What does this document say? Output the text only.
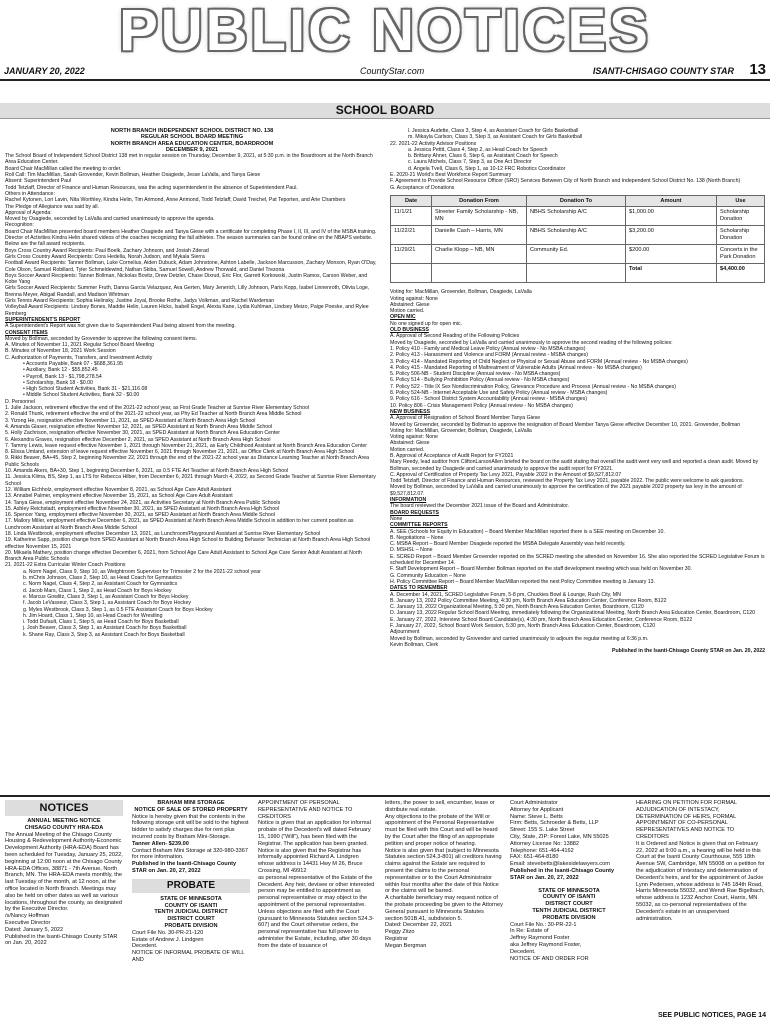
PUBLIC NOTICES
JANUARY 20, 2022	CountyStar.com	ISANTI-CHISAGO COUNTY STAR 13
SCHOOL BOARD

NORTH BRANCH INDEPENDENT SCHOOL DISTRICT NO. 138

REGULAR SCHOOL BOARD MEETING

NORTH BRANCH AREA EDUCATION CENTER, BOARDROOM

DECEMBER 9, 2021

The School Board of Independent School District 138 met in regular session on Thursday, December 9, 2021, at 5:30 p.m. in the Boardroom at the North Branch Area Education Center.

Board Chair MacMillan called the meeting to order.

Roll Call: Tim MacMillan, Sarah Grovender, Kevin Bollman, Heather Osagiede, Jesse LaValla, and Tanya Giese

Absent: Superintendent Paul

Todd Tetzlaff, Director of Finance and Human Resources, was the acting superintendent in the absence of Superintendent Paul.

Others in Attendance:

Rachel Kytonen, Lori Lavin, Nita Worthley, Kindra Helin, Tim Arimond, Anne Arimond, Todd Tetzlaff, David Treichel, Pat Teporten, and Arie Chambers

The Pledge of Allegiance was said by all.

Approval of Agenda:

Moved by Osagiede, seconded by LaValla and carried unanimously to approve the agenda.

Recognition:

Board Chair MacMillan presented board members Heather Osagiede and Tanya Giese with a certificate for completing Phase I, II, III, and IV of the MSBA training.

Director of Activities Kindra Helin shared videos of the coaches recognizing the fall athletes. The season summaries can be found online on the NBAPS website. Below are the fall award recipients.

Boys Cross Country Award Recipients: Paul Boelk, Zachary Johnson, and Josiah Zderad

Girls Cross Country Award Recipients: Cora Hedella, Norah Judson, and Mykala Sierra

Football Award Recipients: Tanner Bollman, Luke Cornelius, Aiden Dubuck, Adam Johnstone, Ashton Labelle, Jackson Marcusson, Zachary Monson, Ryan O'Day, Cole Olson, Samuel Robillard, Tyler Schmeldewind, Nathan Skiba, Samuel Sowell, Andrew Thorwald, and Daniel Trezona

Boys Soccer Award Recipients: Tanner Bollman, Nickolas Bovitz, Drew Detzler, Chase Dixrud, Eric Flor, Garrett Korkowski, Justin Ramos, Carson Weber, and Kobe Yang

Girls Soccer Award Recipients: Summer Fruth, Danna Garcia Velazquez, Ava Gerten, Mary Jenerich, Lilly Johnson, Paris Kopp, Isabel Linnenroth, Olivia Loge, Brenna Meyer, Abigail Randall, and Madison Whitman

Girls Tennis Award Recipients: Sophia Helinsky, Justine Joyal, Brooke Rothe, Jadys Volkman, and Rachel Wardeman

Volleyball Award Recipients: Lindsey Bones, Maddie Helin, Lauren Hicks, Isabell Engel, Alexia Kane, Lydia Kuhlman, Lindsey Meizo, Paige Poeske, and Rylee Remberg

SUPERINTENDENT'S REPORT

A Superintendent's Report was not given due to Superintendent Paul being absent from the meeting.

CONSENT ITEMS

Moved by Bollman, seconded by Grovender to approve the following consent items.

A. Minutes of November 11, 2021 Regular School Board Meeting

B. Minutes of November 18, 2021 Work Session

C. Authorization of Payments, Transfers, and Investment Activity

• Accounts Payable, Bank 07 - $688,361.95

• Auxiliary, Bank 12 - $55,852.45

• Payroll, Bank 13 - $1,798,278.54

• Scholarship, Bank 18 - $0.00

• High School Student Activities, Bank 31 - $21,116.08

• Middle School Student Activities, Bank 32 - $0.00

D. Personnel

1. Julie Jackson, retirement effective the end of the 2021-22 school year, as First Grade Teacher at Sunrise River Elementary School

2. Ronald Thunk, retirement effective the end of the 2021-22 school year, as Phy Ed Teacher at North Branch Area Middle School

3. Yizong He, resignation effective November 11, 2021, as SPED Assistant at North Branch Area High School

4. Amanda Glaser, resignation effective November 12, 2021, as SPED Assistant at North Branch Area Middle School

5. Holly Zachrison, resignation effective November 30, 2021, as SPED Assistant at North Branch Area Education Center

6. Alexandra Graves, resignation effective December 2, 2021, as SPED Assistant at North Branch Area High School

7. Tammy Lewis, leave request effective November 1, 2021 through November 21, 2021, as Early Childhood Assistant at North Branch Area Education Center

8. Elissa Umland, extension of leave request effective November 6, 2021 through November 21, 2021, as Office Clerk at North Branch Area High School

9. Rikki Beaver, BA+45, Step 2, beginning November 22, 2021 through the end of the 2021-22 school year as Distance Learning Teacher at North Branch Area Public Schools

10. Amanda Akers, BA+30, Step 1, beginning December 6, 2021, as 0.5 FTE Art Teacher at North Branch Area High School

11. Jessica Klima, BS, Step 1, as LTS for Rebecca Hilber, from December 6, 2021 through March 4, 2022, as Second Grade Teacher at Sunrise River Elementary School

12. William Eichholz, employment effective November 8, 2021, as School Age Care Adult Assistant

13. Annabel Palmer, employment effective November 15, 2021, as School Age Care Adult Assistant

14. Tanya Giese, employment effective November 24, 2021, as Activities Secretary at North Branch Area Public Schools

15. Ashley Reichstadt, employment effective November 30, 2021, as SPED Assistant at North Branch Area High School

16. Spencer Yang, employment effective November 30, 2021, as SPED Assistant at North Branch Area Middle School

17. Mallory Miller, employment effective December 6, 2021, as SPED Assistant at North Branch Area Middle School in addition to her current position as Lunchroom Assistant at North Branch Area Middle School

18. Linda Westbrook, employment effective December 13, 2021, as Lunchroom/Playground Assistant at Sunrise River Elementary School

19. Katherine Sapp, position change from SPED Assistant at North Branch Area High School to Building Behavior Technician at North Branch Area High School effective November 15, 2021

20. Mikaela Mathery, position change effective December 6, 2021, from School Age Care Adult Assistant to School Age Care Senior Adult Assistant at North Branch Area Public Schools

21. 2021-22 Extra Curricular Winter Coach Positions

a. Norm Nagel, Class 9, Step 10, as Weightroom Supervisor for Trimester 2 for the 2021-22 school year

b. mChris Johnson, Class 2, Step 10, as Head Coach for Gymnastics

c. Norm Nagel, Class 4, Step 2, as Assistant Coach for Gymnastics

d. Jacob Mars, Class 1, Step 2, as Head Coach for Boys Hockey

e. Marcus Gowlitz, Class 3, Step 1, as Assistant Coach for Boys Hockey

f. Jacob LeVasseur, Class 3, Step 1, as Assistant Coach for Boys Hockey

g. Myles Westbrook, Class 3, Step 1, as 0.5 FTE Assistant Coach for Boys Hockey

h. Jim Hoard, Class 1, Step 10, as Head Coach for Wrestling

i. Todd Dufault, Class 1, Step 5, as Head Coach for Boys Basketball

j. Josh Beaver, Class 3, Step 1, as Assistant Coach for Boys Basketball

k. Shane Ray, Class 3, Step 3, as Assistant Coach for Boys Basketball

l. Jessica Audette, Class 3, Step 4, as Assistant Coach for Girls Basketball

m. Mikayla Carlson, Class 3, Step 3, as Assistant Coach for Girls Basketball

22. 2021-22 Activity Advisor Positions

a. Jessica Pettit, Class 4, Step 2, as Head Coach for Speech

b. Brittany Ahner, Class 6, Step 6, as Assistant Coach for Speech

c. Laura Michels, Class 7, Step 3, as One Act Director

d. Angela Tvell, Class 6, Step 1, as 10-12 FRC Robotics Coordinator

E. 2020-21 World's Best Workforce Report Summary

F. Agreement to Provide School Resource Officer (SRO) Services Between City of North Branch and Independent School District No. 138 (North Branch)

G. Acceptance of Donations

Date	Donation From	Donation To	Amount	Use
11/1/21	Streeter Family Scholarship - NB, MN	NBHS Scholarship A/C	$1,000.00	Scholarship Donation
11/22/21	Danielle Cash – Harris, MN	NBHS Scholarship A/C	$3,200.00	Scholarship Donation
11/29/21	Charlie Klopp – NB, MN	Community Ed.	$200.00	Concerts in the Park Donation
			Total	$4,400.00

Voting for: MacMillan, Grovender, Bollman, Osagiede, LaValla

Voting against: None

Abstained: Giese

Motion carried.

OPEN MIC

No one signed up for open mic.

OLD BUSINESS

A. Approval of Second Reading of the Following Policies

Moved by Osagiede, seconded by LaValla and carried unanimously to approve the second reading of the following policies:

1. Policy 410 - Family and Medical Leave Policy (Annual review - No MSBA changes)

2. Policy 413 - Harassment and Violence and FORM (Annual review - MSBA changes)

3. Policy 414 - Mandated Reporting of Child Neglect or Physical or Sexual Abuse and FORM (Annual review - No MSBA changes)

4. Policy 415 - Mandated Reporting of Maltreatment of Vulnerable Adults (Annual review - No MSBA changes)

5. Policy 506-NB - Student Discipline (Annual review - No MSBA changes)

6. Policy 514 - Bullying Prohibition Policy (Annual review - No MSBA changes)

7. Policy 522 - Title IX Sex Nondiscrimination Policy, Grievance Procedure and Process (Annual review - No MSBA changes)

8. Policy 524-NB - Internet Acceptable Use and Safety Policy (Annual review - MSBA changes)

9. Policy 616 - School District System Accountability (Annual review - MSBA changes)

10. Policy 806 - Crisis Management Policy (Annual review - No MSBA changes)

NEW BUSINESS

A. Approval of Resignation of School Board Member Tanya Giese

Moved by Grovender, seconded by Bollman to approve the resignation of Board Member Tanya Giese effective December 10, 2021. Grovender, Bollman

Voting for: MacMillan, Grovender, Bollman, Osagiede, LaValla

Voting against: None

Abstained: Giese

Motion carried.

B. Approval of Acceptance of Audit Report for FY2021

Mary Reedy, lead auditor from CliftonLarsonAllen briefed the board on the audit stating that overall the audit went very well and reported a clean audit. Moved by Bollman, seconded by Osagiede and carried unanimously to approve the audit report for FY2021.

C. Approval of Certification of Property Tax Levy 2021, Payable 2022 in the Amount of $9,527,812.07

Todd Tetzlaff, Director of Finance and Human Resources, reviewed the Property Tax Levy 2021, payable 2022. The public were welcome to ask questions.

Moved by Bollman, seconded by LaValla and carried unanimously to approve the certification of the 2021 payable 2022 property tax levy in the amount of $9,527,812.07.

INFORMATION

The board reviewed the December 2021 issue of the Board and Administrator.

BOARD REQUESTS

None

COMMITTEE REPORTS

A. SEE (Schools for Equity in Education) – Board Member MacMillan reported there is a SEE meeting on December 10.

B. Negotiations – None

C. MSBA Report – Board Member Osagiede reported the MSBA Delegate Assembly was held recently.

D. MSHSL – None

E. SCRED Report – Board Member Grovender reported on the SCRED meeting she attended on November 16. She also reported the SCRED Legislative Forum is scheduled for December 14.

F. Staff Development Report – Board Member Bollman reported on the staff development meeting which was held on November 30.

G. Community Education – None

H. Policy Committee Report – Board Member MacMillan reported the next Policy Committee meeting is January 13.

DATES TO REMEMBER

A. December 14, 2021, SCRED Legislative Forum, 5-8 pm, Chuckies Bowl & Lounge, Rush City, MN

B. January 13, 2022 Policy Committee Meeting, 4:30 pm, North Branch Area Education Center, Conference Room, B122

C. January 13, 2022 Organizational Meeting, 5:30 pm, North Branch Area Education Center, Boardroom, C120

D. January 13, 2022 Regular School Board Meeting, immediately following the Organizational Meeting, North Branch Area Education Center, Boardroom, C120

E. January 27, 2022, Interview School Board Candidate(s), 4:30 pm, North Branch Area Education Center, Conference Room, B122

F. January 27, 2022, School Board Work Session, 5:30 pm, North Branch Area Education Center, Boardroom, C120

Adjournment

Moved by Bollman, seconded by Grovender and carried unanimously to adjourn the regular meeting at 6:36 p.m.

Kevin Bollman, Clerk

Published in the Isanti-Chisago County STAR on Jan. 20, 2022

NOTICES

ANNUAL MEETING NOTICE

CHISAGO COUNTY HRA-EDA

The Annual Meeting of the Chisago County Housing & Redevelopment Authority-Economic Development Authority (HRA-EDA) Board has been scheduled for Tuesday, January 25, 2022, beginning at 12:00 noon at the Chisago County HRA-EDA Offices, 38871 - 7th Avenue, North Branch, MN. The HRA-EDA meets monthly, the last Tuesday of the month, at 12 noon, at the office located in North Branch. Meetings may also be held on other dates as well as various locations, throughout the county, as designated by the Executive Director.

/s/Nancy Hoffman

Executive Director

Dated: January 5, 2022

Published in the Isanti-Chisago County STAR on Jan. 20, 2022

BRAHAM MINI STORAGE

NOTICE OF SALE OF STORED PROPERTY

Notice is hereby given that the contents in the following storage unit will be sold to the highest bidder to satisfy charges due for rent plus incurred costs by Braham Mini-Storage.

Tanner Allen- $239.00

Contact Braham Mini Storage at 320-980-3367 for more information.

Published in the Isanti-Chisago County STAR on Jan. 20, 27, 2022

PROBATE

STATE OF MINNESOTA

COUNTY OF ISANTI

TENTH JUDICIAL DISTRICT

DISTRICT COURT

PROBATE DIVISION

Court File No. 30-PR-21-120

Estate of Andrew J. Lindgren

Decedent.

NOTICE OF INFORMAL PROBATE OF WILL AND

APPOINTMENT OF PERSONAL REPRESENTATIVE AND NOTICE TO CREDITORS

Notice is given that an application for informal probate of the Decedent's will dated February 15, 1990 ("Will"), has been filed with the Registrar. The application has been granted.

Notice is also given that the Registrar has informally appointed Richard A. Lindgren whose address is 14431 Hwy M 26, Bruce Crossing, MI 49912

as personal representative of the Estate of the Decedent. Any heir, devisee or other interested person may be entitled to appointment as personal representative or may object to the appointment of the personal representative. Unless objections are filed with the Court (pursuant to Minnesota Statutes section 524.3-607) and the Court otherwise orders, the personal representative has full power to administer the Estate, including, after 30 days from the date of issuance of

letters, the power to sell, encumber, lease or distribute real estate.

Any objections to the probate of the Will or appointment of the Personal Representative must be filed with this Court and will be heard by the Court after the filing of an appropriate petition and proper notice of hearing.

Notice is also given that (subject to Minnesota Statutes section 524.3-801) all creditors having claims against the Estate are required to present the claims to the personal representative or to the Court Administrator within four months after the date of this Notice or the claims will be barred.

A charitable beneficiary may request notice of the probate proceeding be given to the Attorney General pursuant to Minnesota Statutes section 501B.41, subdivision 5.

Dated: December 22, 2021

Peggy Zitzo

Registrar

Megan Bergman

Court Administrator

Attorney for Applicant

Name: Steve L. Betts

Firm: Betts, Schroeder & Betts, LLP

Street: 155 S. Lake Street

City, State, ZIP: Forest Lake, MN 55025

Attorney License No: 13882

Telephone: 651-464-4162

FAX: 651-464-8180

Email: stevebetts@lakesidelawyers.com

Published in the Isanti-Chisago County STAR on Jan. 20, 27, 2022

STATE OF MINNESOTA

COUNTY OF ISANTI

DISTRICT COURT

TENTH JUDICIAL DISTRICT

PROBATE DIVISION

Court File No.: 30-PR-22-1

In Re: Estate of

Jeffrey Raymond Foster

aka Jeffrey Raymond Foster,

Decedent.

NOTICE OF AND ORDER FOR

HEARING ON PETITION FOR FORMAL ADJUDICATION OF INTESTACY, DETERMINATION OF HEIRS, FORMAL APPOINTMENT OF CO-PERSONAL REPRESENTATIVES AND NOTICE TO CREDITORS

It is Ordered and Notice is given that on February 22, 2022 at 9:00 a.m., a hearing will be held in this Court at the Isanti County Courthouse, 555 18th Avenue SW, Cambridge, MN 55008 on a petition for the adjudication of intestacy and determination of Decedent's heirs, and for the appointment of Jackie Lynn Pedersen, whose address is 745 184th Road, Harris Minnesota 55032, and Wendi Rae Bigelbach, whose address is 1232 Anchor Court, Harris, MN 55032, as co-personal representatives of the Decedent's estate in an unsupervised administration.

SEE PUBLIC NOTICES, PAGE 14
